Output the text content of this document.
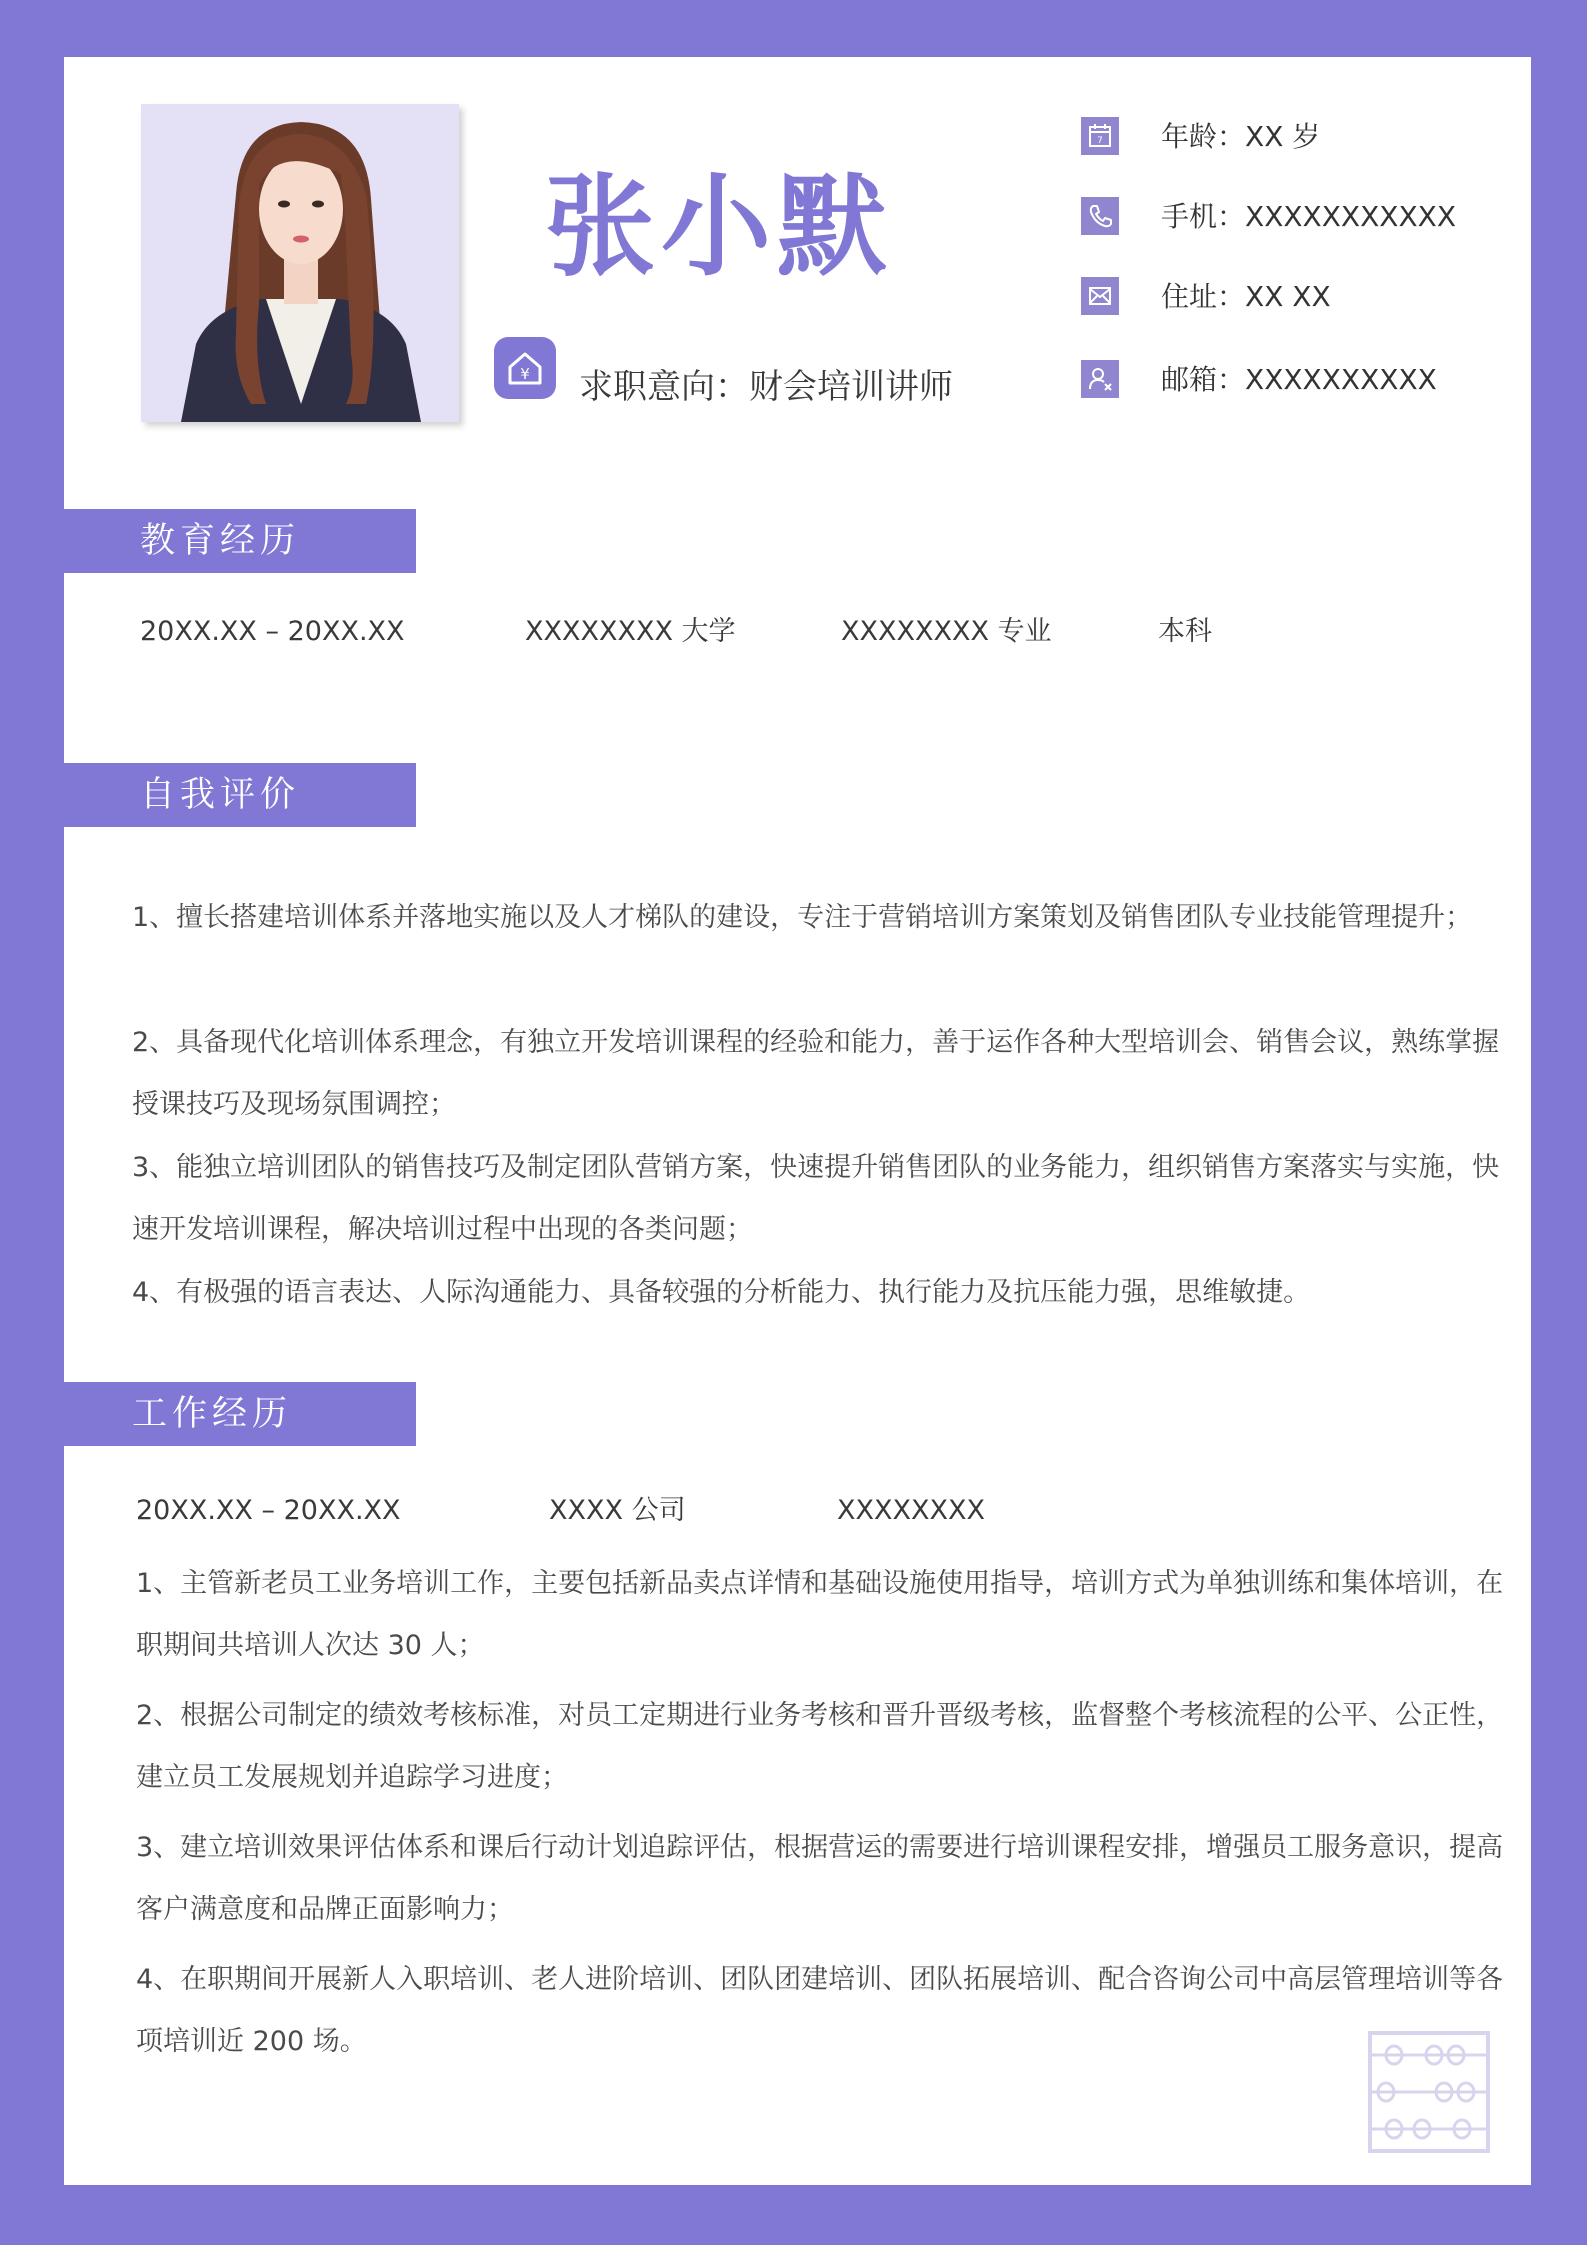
张小默
¥ 求职意向：财会培训讲师
7 年龄：XX 岁
手机：XXXXXXXXXXX
住址：XX XX
邮箱：XXXXXXXXXX
教育经历
20XX.XX – 20XX.XX	XXXXXXXX 大学	XXXXXXXX 专业	本科
自我评价
1、擅长搭建培训体系并落地实施以及人才梯队的建设，专注于营销培训方案策划及销售团队专业技能管理提升；
2、具备现代化培训体系理念，有独立开发培训课程的经验和能力，善于运作各种大型培训会、销售会议，熟练掌握授课技巧及现场氛围调控；
3、能独立培训团队的销售技巧及制定团队营销方案，快速提升销售团队的业务能力，组织销售方案落实与实施，快速开发培训课程，解决培训过程中出现的各类问题；
4、有极强的语言表达、人际沟通能力、具备较强的分析能力、执行能力及抗压能力强，思维敏捷。
工作经历
20XX.XX – 20XX.XX	XXXX 公司	XXXXXXXX
1、主管新老员工业务培训工作，主要包括新品卖点详情和基础设施使用指导，培训方式为单独训练和集体培训，在职期间共培训人次达 30 人；
2、根据公司制定的绩效考核标准，对员工定期进行业务考核和晋升晋级考核，监督整个考核流程的公平、公正性，建立员工发展规划并追踪学习进度；
3、建立培训效果评估体系和课后行动计划追踪评估，根据营运的需要进行培训课程安排，增强员工服务意识，提高客户满意度和品牌正面影响力；
4、在职期间开展新人入职培训、老人进阶培训、团队团建培训、团队拓展培训、配合咨询公司中高层管理培训等各项培训近 200 场。
